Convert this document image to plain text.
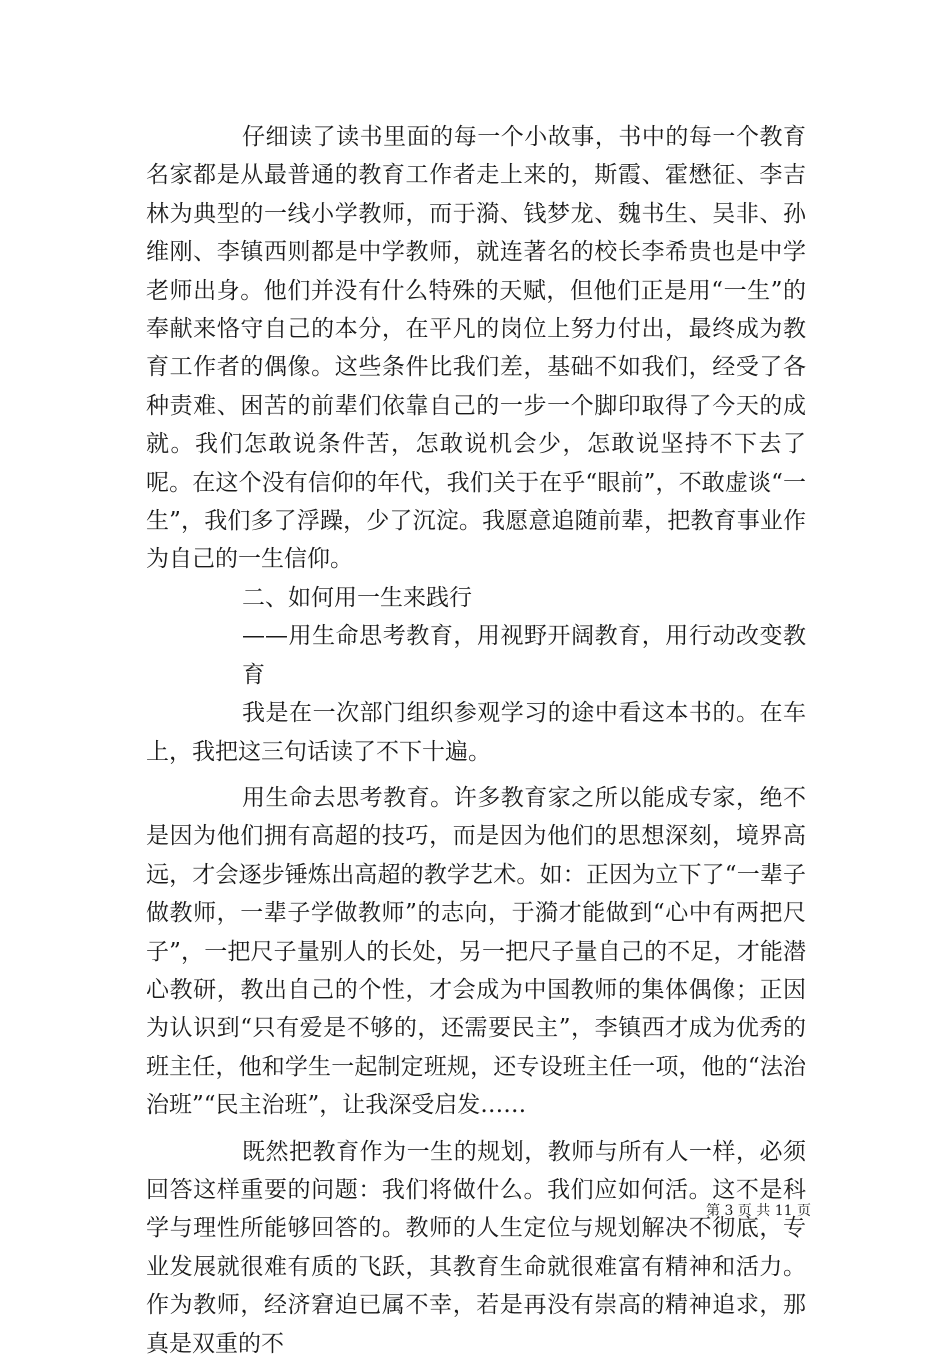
仔细读了读书里面的每一个小故事，书中的每一个教育名家都是从最普通的教育工作者走上来的，斯霞、霍懋征、李吉林为典型的一线小学教师，而于漪、钱梦龙、魏书生、吴非、孙维刚、李镇西则都是中学教师，就连著名的校长李希贵也是中学老师出身。他们并没有什么特殊的天赋，但他们正是用“一生”的奉献来恪守自己的本分，在平凡的岗位上努力付出，最终成为教育工作者的偶像。这些条件比我们差，基础不如我们，经受了各种责难、困苦的前辈们依靠自己的一步一个脚印取得了今天的成就。我们怎敢说条件苦，怎敢说机会少，怎敢说坚持不下去了呢。在这个没有信仰的年代，我们关于在乎“眼前”，不敢虚谈“一生”，我们多了浮躁，少了沉淀。我愿意追随前辈，把教育事业作为自己的一生信仰。

二、如何用一生来践行

——用生命思考教育，用视野开阔教育，用行动改变教育

我是在一次部门组织参观学习的途中看这本书的。在车上，我把这三句话读了不下十遍。

用生命去思考教育。许多教育家之所以能成专家，绝不是因为他们拥有高超的技巧，而是因为他们的思想深刻，境界高远，才会逐步锤炼出高超的教学艺术。如：正因为立下了“一辈子做教师，一辈子学做教师”的志向，于漪才能做到“心中有两把尺子”，一把尺子量别人的长处，另一把尺子量自己的不足，才能潜心教研，教出自己的个性，才会成为中国教师的集体偶像；正因为认识到“只有爱是不够的，还需要民主”，李镇西才成为优秀的班主任，他和学生一起制定班规，还专设班主任一项，他的“法治治班”“民主治班”，让我深受启发……

既然把教育作为一生的规划，教师与所有人一样，必须回答这样重要的问题：我们将做什么。我们应如何活。这不是科学与理性所能够回答的。教师的人生定位与规划解决不彻底，专业发展就很难有质的飞跃，其教育生命就很难富有精神和活力。作为教师，经济窘迫已属不幸，若是再没有崇高的精神追求，那真是双重的不

第 3 页 共 11 页
